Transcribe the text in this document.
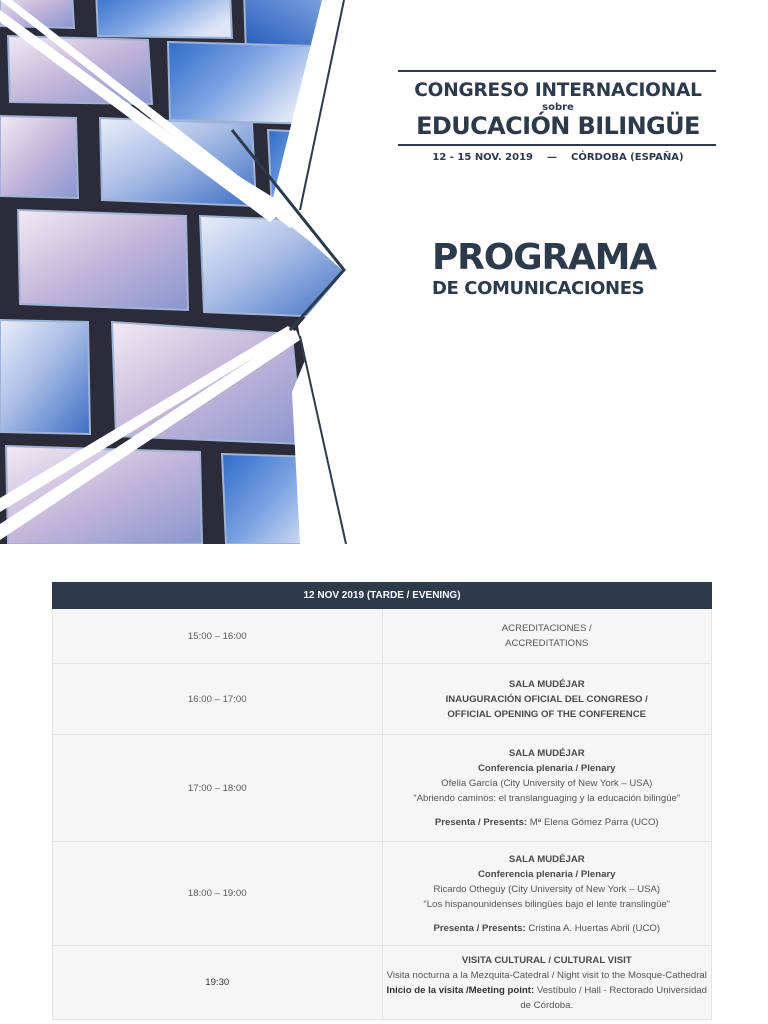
CONGRESO INTERNACIONAL
sobre
EDUCACIÓN BILINGÜE
12 - 15 NOV. 2019 — CÓRDOBA (ESPAÑA)
PROGRAMA
DE COMUNICACIONES
12 NOV 2019 (TARDE / EVENING)	
15:00 – 16:00	ACREDITACIONES /
ACCREDITATIONS

16:00 – 17:00	SALA MUDÉJAR
INAUGURACIÓN OFICIAL DEL CONGRESO /
OFFICIAL OPENING OF THE CONFERENCE

17:00 – 18:00	SALA MUDÉJAR
Conferencia plenaria / Plenary
Ofelia García (City University of New York – USA)
“Abriendo caminos: el translanguaging y la educación bilingüe”
Presenta / Presents: Mª Elena Gómez Parra (UCO)

18:00 – 19:00	SALA MUDÉJAR
Conferencia plenaria / Plenary
Ricardo Otheguy (City University of New York – USA)
“Los hispanounidenses bilingües bajo el lente translingüe”
Presenta / Presents: Cristina A. Huertas Abril (UCO)

19:30	VISITA CULTURAL / CULTURAL VISIT
Visita nocturna a la Mezquita-Catedral / Night visit to the Mosque-Cathedral
Inicio de la visita /Meeting point: Vestíbulo / Hall - Rectorado Universidad de Córdoba.
